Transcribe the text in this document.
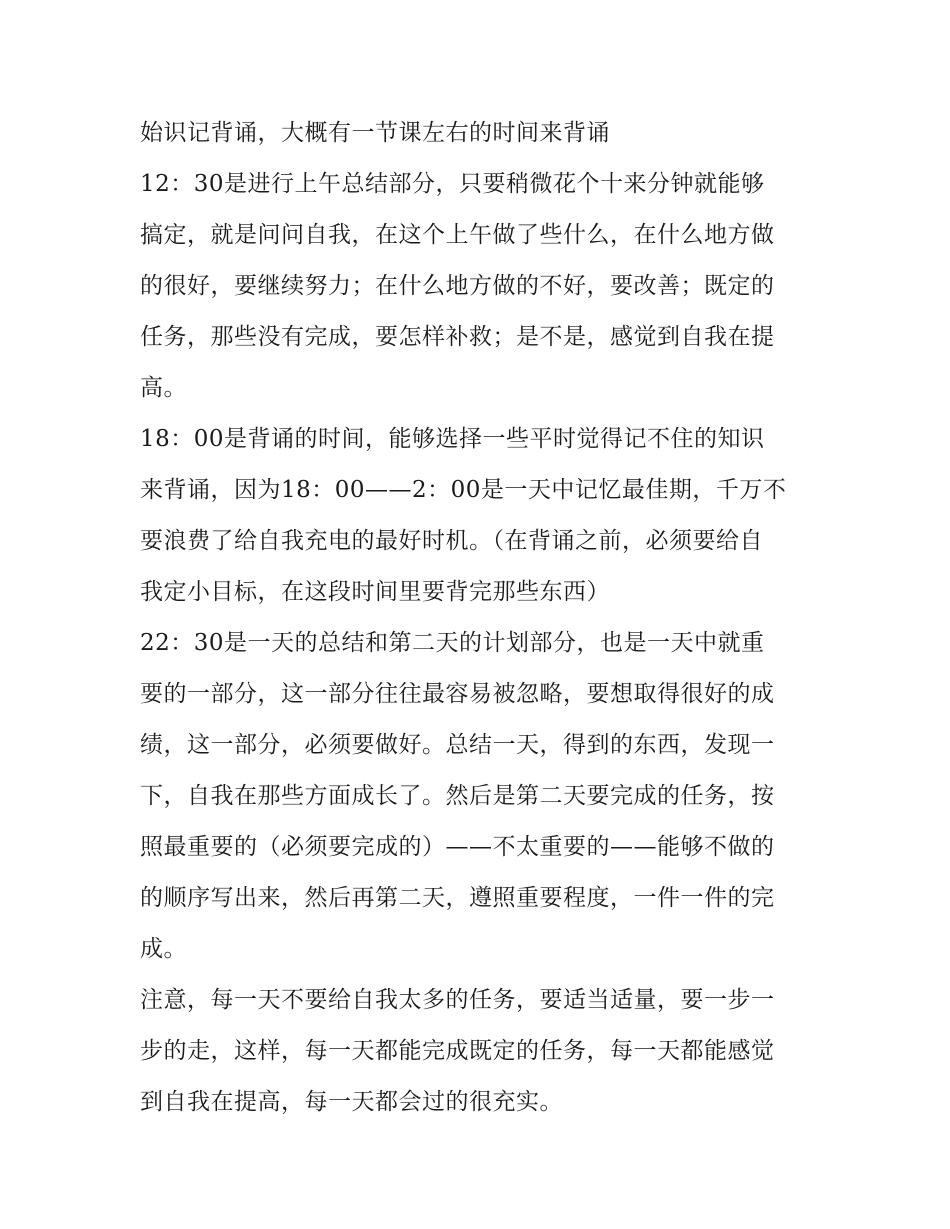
始识记背诵，大概有一节课左右的时间来背诵
12：30是进行上午总结部分，只要稍微花个十来分钟就能够
搞定，就是问问自我，在这个上午做了些什么，在什么地方做
的很好，要继续努力；在什么地方做的不好，要改善；既定的
任务，那些没有完成，要怎样补救；是不是，感觉到自我在提
高。
18：00是背诵的时间，能够选择一些平时觉得记不住的知识
来背诵，因为18：00——2：00是一天中记忆最佳期，千万不
要浪费了给自我充电的最好时机。（在背诵之前，必须要给自
我定小目标，在这段时间里要背完那些东西）
22：30是一天的总结和第二天的计划部分，也是一天中就重
要的一部分，这一部分往往最容易被忽略，要想取得很好的成
绩，这一部分，必须要做好。总结一天，得到的东西，发现一
下，自我在那些方面成长了。然后是第二天要完成的任务，按
照最重要的（必须要完成的）——不太重要的——能够不做的
的顺序写出来，然后再第二天，遵照重要程度，一件一件的完
成。
注意，每一天不要给自我太多的任务，要适当适量，要一步一
步的走，这样，每一天都能完成既定的任务，每一天都能感觉
到自我在提高，每一天都会过的很充实。
